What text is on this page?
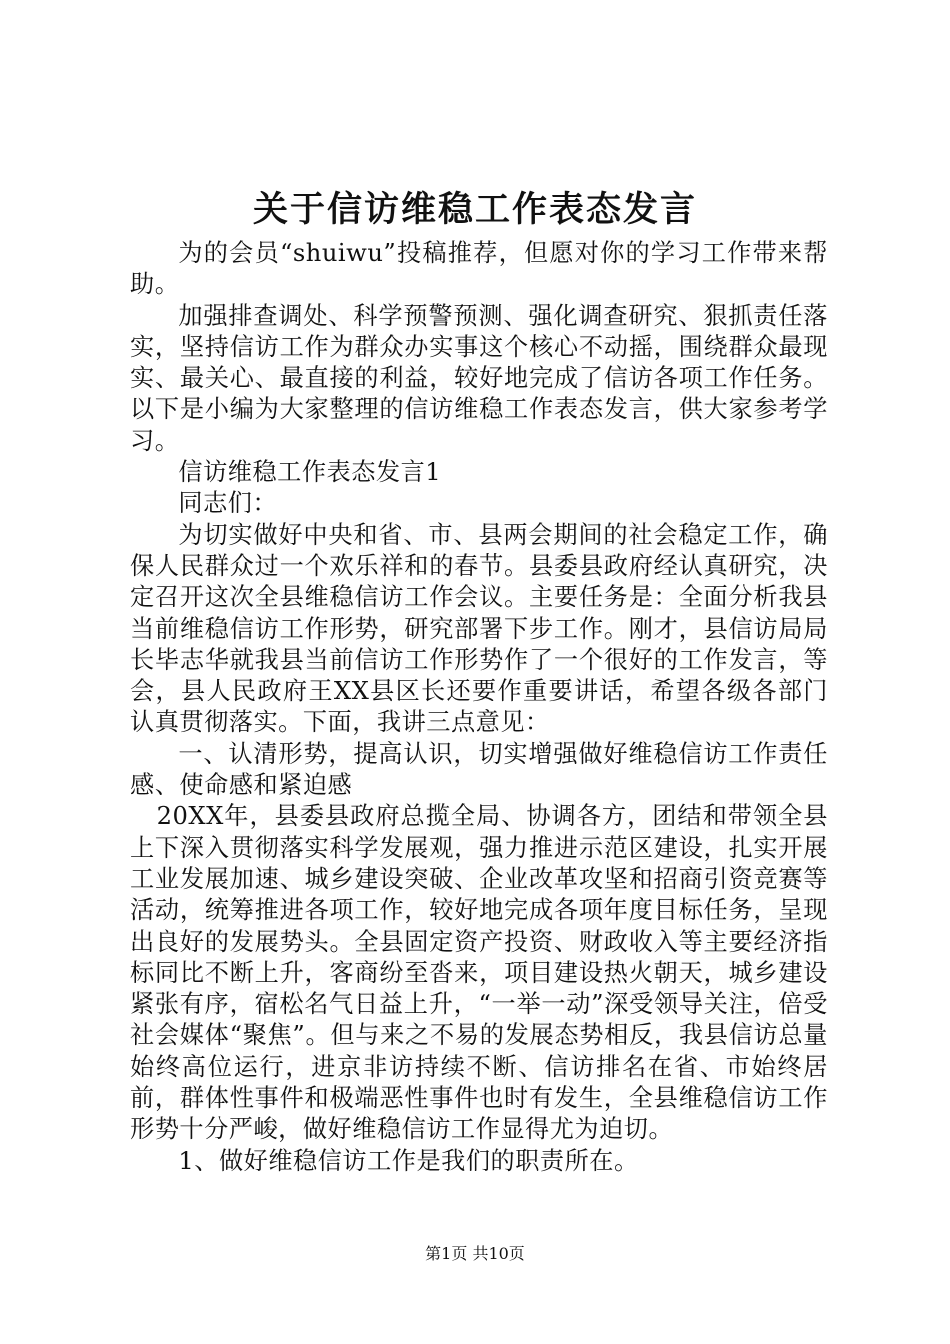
关于信访维稳工作表态发言

为的会员“shuiwu”投稿推荐，但愿对你的学习工作带来帮助。

加强排查调处、科学预警预测、强化调查研究、狠抓责任落实，坚持信访工作为群众办实事这个核心不动摇，围绕群众最现实、最关心、最直接的利益，较好地完成了信访各项工作任务。以下是小编为大家整理的信访维稳工作表态发言，供大家参考学习。

信访维稳工作表态发言1

同志们：

为切实做好中央和省、市、县两会期间的社会稳定工作，确保人民群众过一个欢乐祥和的春节。县委县政府经认真研究，决定召开这次全县维稳信访工作会议。主要任务是：全面分析我县当前维稳信访工作形势，研究部署下步工作。刚才，县信访局局长毕志华就我县当前信访工作形势作了一个很好的工作发言，等会，县人民政府王XX县区长还要作重要讲话，希望各级各部门认真贯彻落实。下面，我讲三点意见：

一、认清形势，提高认识，切实增强做好维稳信访工作责任感、使命感和紧迫感

20XX年，县委县政府总揽全局、协调各方，团结和带领全县上下深入贯彻落实科学发展观，强力推进示范区建设，扎实开展工业发展加速、城乡建设突破、企业改革攻坚和招商引资竞赛等活动，统筹推进各项工作，较好地完成各项年度目标任务，呈现出良好的发展势头。全县固定资产投资、财政收入等主要经济指标同比不断上升，客商纷至沓来，项目建设热火朝天，城乡建设紧张有序，宿松名气日益上升，“一举一动”深受领导关注，倍受社会媒体“聚焦”。但与来之不易的发展态势相反，我县信访总量始终高位运行，进京非访持续不断、信访排名在省、市始终居前，群体性事件和极端恶性事件也时有发生，全县维稳信访工作形势十分严峻，做好维稳信访工作显得尤为迫切。

1、做好维稳信访工作是我们的职责所在。

第1页 共10页
